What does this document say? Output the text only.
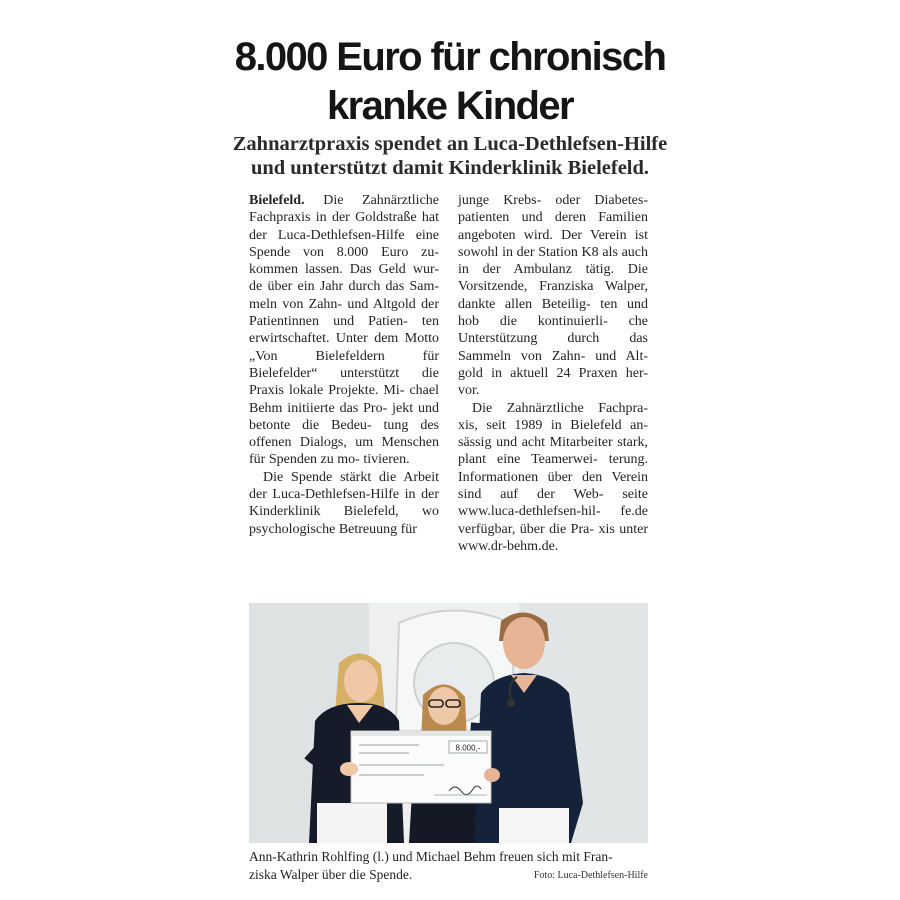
8.000 Euro für chronisch
kranke Kinder
Zahnarztpraxis spendet an Luca-Dethlefsen-Hilfe
und unterstützt damit Kinderklinik Bielefeld.

Bielefeld. Die Zahnärztliche Fachpraxis in der Goldstraße hat der Luca-Dethlefsen-Hilfe eine Spende von 8.000 Euro zu- kommen lassen. Das Geld wur- de über ein Jahr durch das Sam- meln von Zahn- und Altgold der Patientinnen und Patien- ten erwirtschaftet. Unter dem Motto „Von Bielefeldern für Bielefelder“ unterstützt die Praxis lokale Projekte. Mi- chael Behm initiierte das Pro- jekt und betonte die Bedeu- tung des offenen Dialogs, um Menschen für Spenden zu mo- tivieren.

Die Spende stärkt die Arbeit der Luca-Dethlefsen-Hilfe in der Kinderklinik Bielefeld, wo psychologische Betreuung für

junge Krebs- oder Diabetes- patienten und deren Familien angeboten wird. Der Verein ist sowohl in der Station K8 als auch in der Ambulanz tätig. Die Vorsitzende, Franziska Walper, dankte allen Beteilig- ten und hob die kontinuierli- che Unterstützung durch das Sammeln von Zahn- und Alt- gold in aktuell 24 Praxen her- vor.

Die Zahnärztliche Fachpra- xis, seit 1989 in Bielefeld an- sässig und acht Mitarbeiter stark, plant eine Teamerwei- terung. Informationen über den Verein sind auf der Web- seite www.luca-dethlefsen-hil- fe.de verfügbar, über die Pra- xis unter www.dr-behm.de.

8.000,-

Ann-Kathrin Rohlfing (l.) und Michael Behm freuen sich mit Fran-
ziska Walper über die Spende.	Foto: Luca-Dethlefsen-Hilfe
